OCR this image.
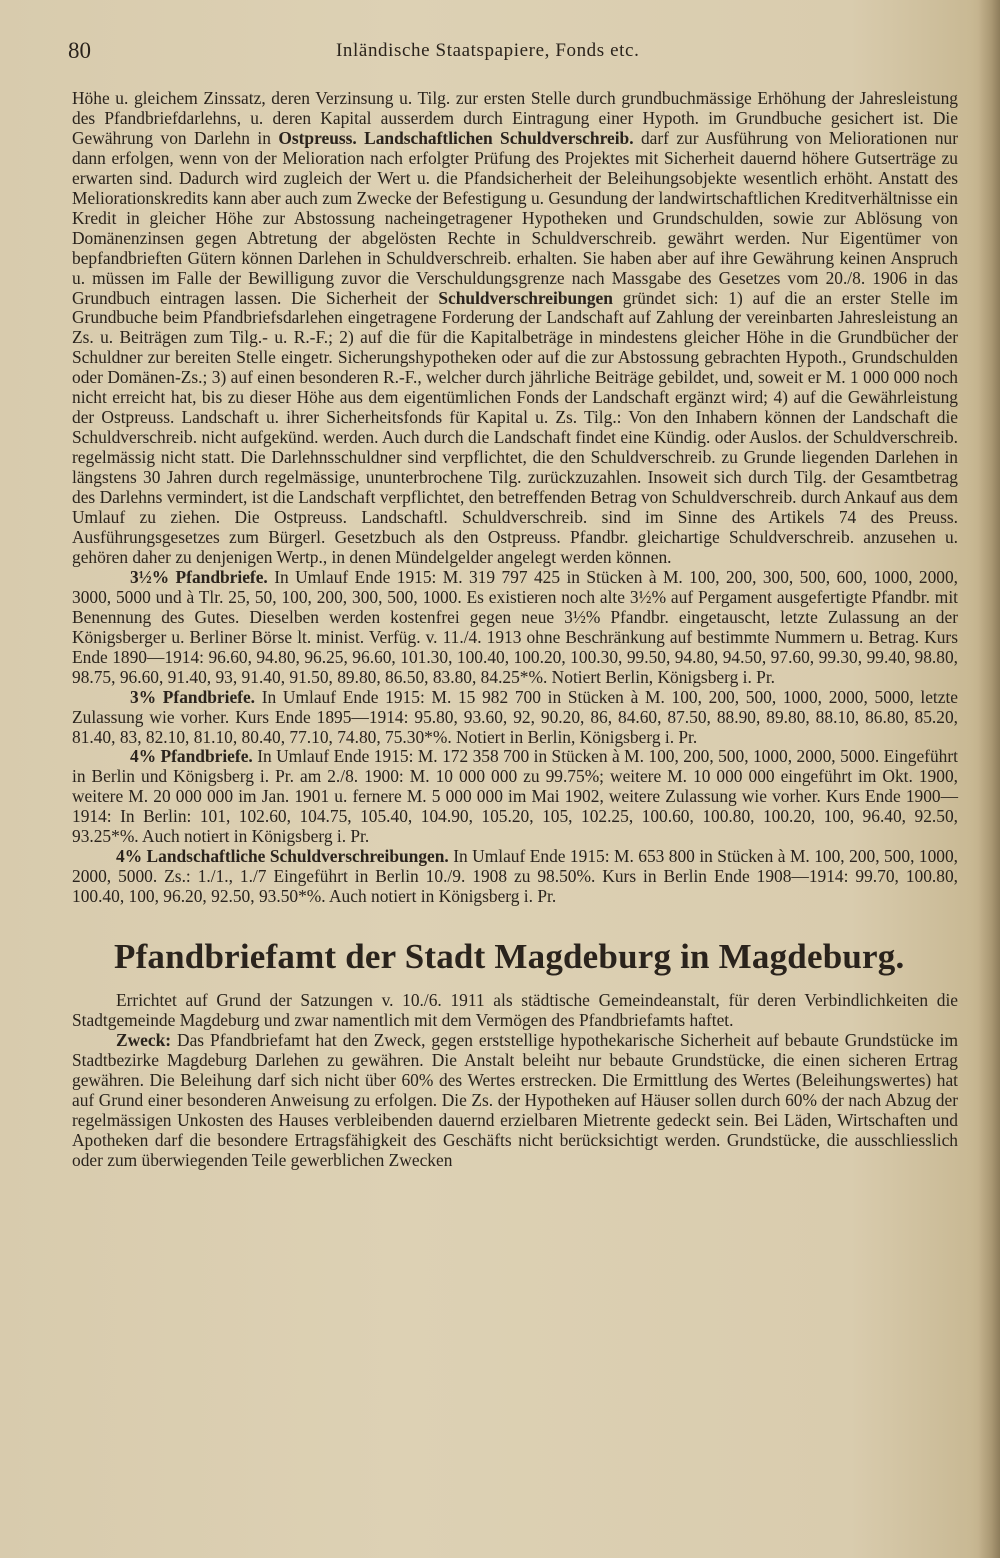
80	Inländische Staatspapiere, Fonds etc.

Höhe u. gleichem Zinssatz, deren Verzinsung u. Tilg. zur ersten Stelle durch grundbuchmässige Erhöhung der Jahresleistung des Pfandbriefdarlehns, u. deren Kapital ausserdem durch Eintragung einer Hypoth. im Grundbuche gesichert ist. Die Gewährung von Darlehn in Ostpreuss. Landschaftlichen Schuldverschreib. darf zur Ausführung von Meliorationen nur dann erfolgen, wenn von der Melioration nach erfolgter Prüfung des Projektes mit Sicherheit dauernd höhere Gutserträge zu erwarten sind. Dadurch wird zugleich der Wert u. die Pfandsicherheit der Beleihungsobjekte wesentlich erhöht. Anstatt des Meliorationskredits kann aber auch zum Zwecke der Befestigung u. Gesundung der landwirtschaftlichen Kreditverhältnisse ein Kredit in gleicher Höhe zur Abstossung nacheingetragener Hypotheken und Grundschulden, sowie zur Ablösung von Domänenzinsen gegen Abtretung der abgelösten Rechte in Schuldverschreib. gewährt werden. Nur Eigentümer von bepfandbrieften Gütern können Darlehen in Schuldverschreib. erhalten. Sie haben aber auf ihre Gewährung keinen Anspruch u. müssen im Falle der Bewilligung zuvor die Verschuldungsgrenze nach Massgabe des Gesetzes vom 20./8. 1906 in das Grundbuch eintragen lassen. Die Sicherheit der Schuldverschreibungen gründet sich: 1) auf die an erster Stelle im Grundbuche beim Pfandbriefsdarlehen eingetragene Forderung der Landschaft auf Zahlung der vereinbarten Jahresleistung an Zs. u. Beiträgen zum Tilg.- u. R.-F.; 2) auf die für die Kapitalbeträge in mindestens gleicher Höhe in die Grundbücher der Schuldner zur bereiten Stelle eingetr. Sicherungshypotheken oder auf die zur Abstossung gebrachten Hypoth., Grundschulden oder Domänen-Zs.; 3) auf einen besonderen R.-F., welcher durch jährliche Beiträge gebildet, und, soweit er M. 1 000 000 noch nicht erreicht hat, bis zu dieser Höhe aus dem eigentümlichen Fonds der Landschaft ergänzt wird; 4) auf die Gewährleistung der Ostpreuss. Landschaft u. ihrer Sicherheitsfonds für Kapital u. Zs. Tilg.: Von den Inhabern können der Landschaft die Schuldverschreib. nicht aufgekünd. werden. Auch durch die Landschaft findet eine Kündig. oder Auslos. der Schuldverschreib. regelmässig nicht statt. Die Darlehnsschuldner sind verpflichtet, die den Schuldverschreib. zu Grunde liegenden Darlehen in längstens 30 Jahren durch regelmässige, ununterbrochene Tilg. zurückzuzahlen. Insoweit sich durch Tilg. der Gesamtbetrag des Darlehns vermindert, ist die Landschaft verpflichtet, den betreffenden Betrag von Schuldverschreib. durch Ankauf aus dem Umlauf zu ziehen. Die Ostpreuss. Landschaftl. Schuldverschreib. sind im Sinne des Artikels 74 des Preuss. Ausführungsgesetzes zum Bürgerl. Gesetzbuch als den Ostpreuss. Pfandbr. gleichartige Schuldverschreib. anzusehen u. gehören daher zu denjenigen Wertp., in denen Mündelgelder angelegt werden können.

3½% Pfandbriefe. In Umlauf Ende 1915: M. 319 797 425 in Stücken à M. 100, 200, 300, 500, 600, 1000, 2000, 3000, 5000 und à Tlr. 25, 50, 100, 200, 300, 500, 1000. Es existieren noch alte 3½% auf Pergament ausgefertigte Pfandbr. mit Benennung des Gutes. Dieselben werden kostenfrei gegen neue 3½% Pfandbr. eingetauscht, letzte Zulassung an der Königsberger u. Berliner Börse lt. minist. Verfüg. v. 11./4. 1913 ohne Beschränkung auf bestimmte Nummern u. Betrag. Kurs Ende 1890—1914: 96.60, 94.80, 96.25, 96.60, 101.30, 100.40, 100.20, 100.30, 99.50, 94.80, 94.50, 97.60, 99.30, 99.40, 98.80, 98.75, 96.60, 91.40, 93, 91.40, 91.50, 89.80, 86.50, 83.80, 84.25*%. Notiert Berlin, Königsberg i. Pr.

3% Pfandbriefe. In Umlauf Ende 1915: M. 15 982 700 in Stücken à M. 100, 200, 500, 1000, 2000, 5000, letzte Zulassung wie vorher. Kurs Ende 1895—1914: 95.80, 93.60, 92, 90.20, 86, 84.60, 87.50, 88.90, 89.80, 88.10, 86.80, 85.20, 81.40, 83, 82.10, 81.10, 80.40, 77.10, 74.80, 75.30*%. Notiert in Berlin, Königsberg i. Pr.

4% Pfandbriefe. In Umlauf Ende 1915: M. 172 358 700 in Stücken à M. 100, 200, 500, 1000, 2000, 5000. Eingeführt in Berlin und Königsberg i. Pr. am 2./8. 1900: M. 10 000 000 zu 99.75%; weitere M. 10 000 000 eingeführt im Okt. 1900, weitere M. 20 000 000 im Jan. 1901 u. fernere M. 5 000 000 im Mai 1902, weitere Zulassung wie vorher. Kurs Ende 1900—1914: In Berlin: 101, 102.60, 104.75, 105.40, 104.90, 105.20, 105, 102.25, 100.60, 100.80, 100.20, 100, 96.40, 92.50, 93.25*%. Auch notiert in Königsberg i. Pr.

4% Landschaftliche Schuldverschreibungen. In Umlauf Ende 1915: M. 653 800 in Stücken à M. 100, 200, 500, 1000, 2000, 5000. Zs.: 1./1., 1./7 Eingeführt in Berlin 10./9. 1908 zu 98.50%. Kurs in Berlin Ende 1908—1914: 99.70, 100.80, 100.40, 100, 96.20, 92.50, 93.50*%. Auch notiert in Königsberg i. Pr.

Pfandbriefamt der Stadt Magdeburg in Magdeburg.

Errichtet auf Grund der Satzungen v. 10./6. 1911 als städtische Gemeindeanstalt, für deren Verbindlichkeiten die Stadtgemeinde Magdeburg und zwar namentlich mit dem Vermögen des Pfandbriefamts haftet.

Zweck: Das Pfandbriefamt hat den Zweck, gegen erststellige hypothekarische Sicherheit auf bebaute Grundstücke im Stadtbezirke Magdeburg Darlehen zu gewähren. Die Anstalt beleiht nur bebaute Grundstücke, die einen sicheren Ertrag gewähren. Die Beleihung darf sich nicht über 60% des Wertes erstrecken. Die Ermittlung des Wertes (Beleihungswertes) hat auf Grund einer besonderen Anweisung zu erfolgen. Die Zs. der Hypotheken auf Häuser sollen durch 60% der nach Abzug der regelmässigen Unkosten des Hauses verbleibenden dauernd erzielbaren Mietrente gedeckt sein. Bei Läden, Wirtschaften und Apotheken darf die besondere Ertragsfähigkeit des Geschäfts nicht berücksichtigt werden. Grundstücke, die ausschliesslich oder zum überwiegenden Teile gewerblichen Zwecken
